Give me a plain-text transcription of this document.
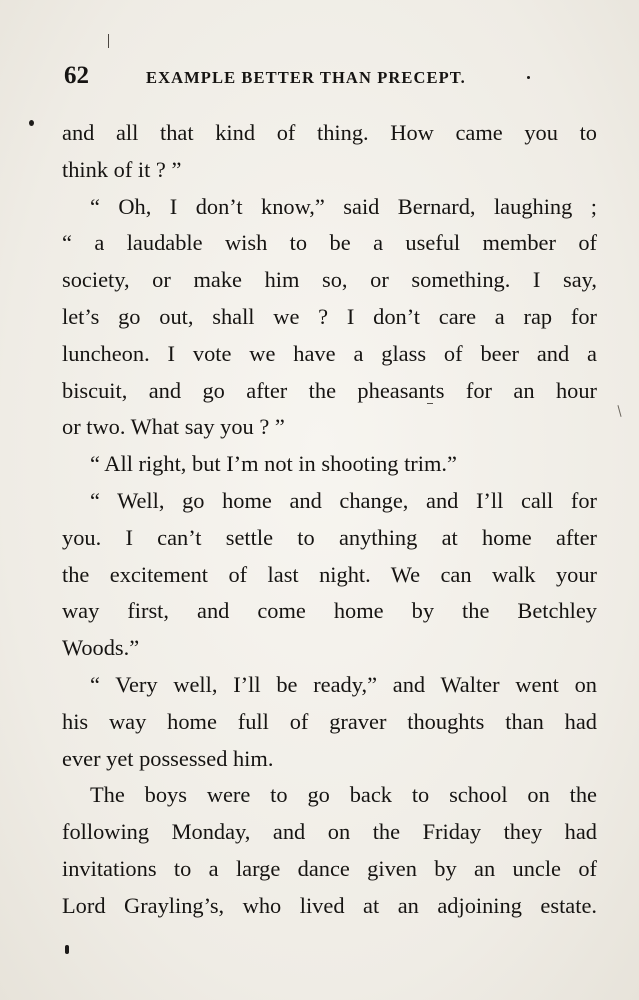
62	EXAMPLE BETTER THAN PRECEPT.
and all that kind of thing. How came you to
think of it ? ”
“ Oh, I don’t know,” said Bernard, laughing ;
“ a laudable wish to be a useful member of
society, or make him so, or something. I say,
let’s go out, shall we ? I don’t care a rap for
luncheon. I vote we have a glass of beer and a
biscuit, and go after the pheasants for an hour
or two. What say you ? ”
“ All right, but I’m not in shooting trim.”
“ Well, go home and change, and I’ll call for
you. I can’t settle to anything at home after
the excitement of last night. We can walk your
way first, and come home by the Betchley
Woods.”
“ Very well, I’ll be ready,” and Walter went on
his way home full of graver thoughts than had
ever yet possessed him.
The boys were to go back to school on the
following Monday, and on the Friday they had
invitations to a large dance given by an uncle of
Lord Grayling’s, who lived at an adjoining estate.
